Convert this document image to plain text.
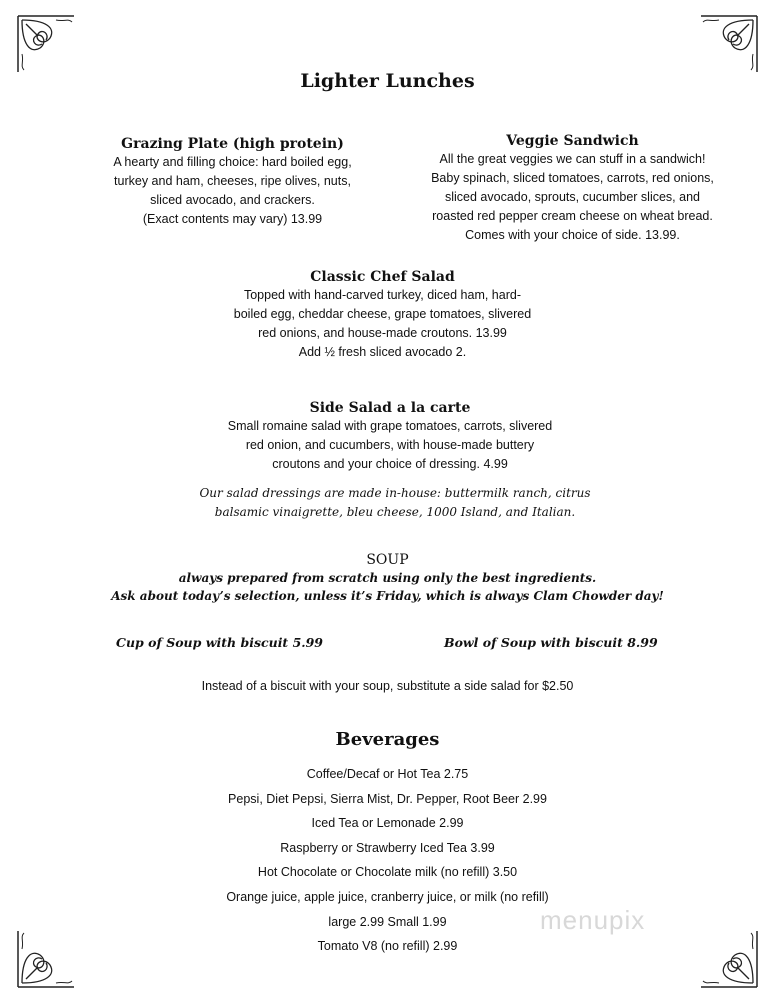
Lighter Lunches
Grazing Plate (high protein)
A hearty and filling choice: hard boiled egg,
turkey and ham, cheeses, ripe olives, nuts,
sliced avocado, and crackers.
(Exact contents may vary) 13.99
Veggie Sandwich
All the great veggies we can stuff in a sandwich!
Baby spinach, sliced tomatoes, carrots, red onions,
sliced avocado, sprouts, cucumber slices, and
roasted red pepper cream cheese on wheat bread.
Comes with your choice of side. 13.99.
Classic Chef Salad
Topped with hand-carved turkey, diced ham, hard-
boiled egg, cheddar cheese, grape tomatoes, slivered
red onions, and house-made croutons. 13.99
Add ½ fresh sliced avocado 2.
Side Salad a la carte
Small romaine salad with grape tomatoes, carrots, slivered
red onion, and cucumbers, with house-made buttery
croutons and your choice of dressing. 4.99
Our salad dressings are made in-house: buttermilk ranch, citrus
balsamic vinaigrette, bleu cheese, 1000 Island, and Italian.
SOUP
always prepared from scratch using only the best ingredients.
Ask about today’s selection, unless it’s Friday, which is always Clam Chowder day!
Cup of Soup with biscuit 5.99	Bowl of Soup with biscuit 8.99
Instead of a biscuit with your soup, substitute a side salad for $2.50
Beverages
Coffee/Decaf or Hot Tea 2.75
Pepsi, Diet Pepsi, Sierra Mist, Dr. Pepper, Root Beer 2.99
Iced Tea or Lemonade 2.99
Raspberry or Strawberry Iced Tea 3.99
Hot Chocolate or Chocolate milk (no refill) 3.50
Orange juice, apple juice, cranberry juice, or milk (no refill)
large 2.99 Small 1.99
Tomato V8 (no refill) 2.99
menupix
